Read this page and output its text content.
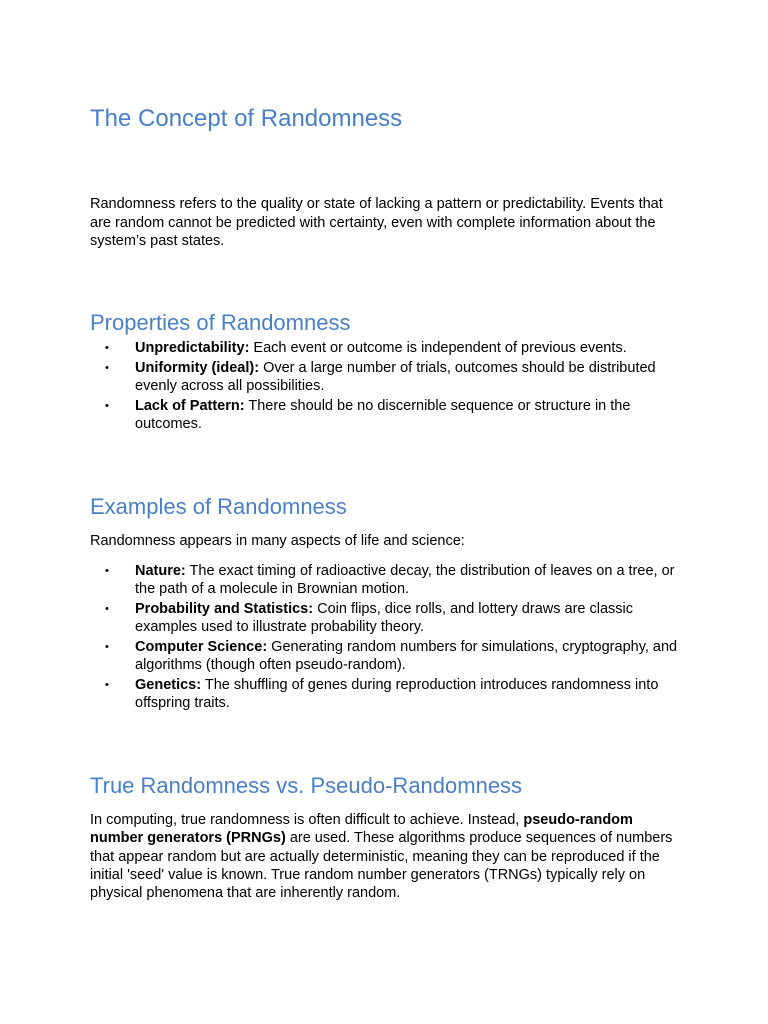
The Concept of Randomness

Randomness refers to the quality or state of lacking a pattern or predictability. Events that are random cannot be predicted with certainty, even with complete information about the system’s past states.

Properties of Randomness
• Unpredictability: Each event or outcome is independent of previous events.
• Uniformity (ideal): Over a large number of trials, outcomes should be distributed evenly across all possibilities.
• Lack of Pattern: There should be no discernible sequence or structure in the outcomes.
Examples of Randomness

Randomness appears in many aspects of life and science:

• Nature: The exact timing of radioactive decay, the distribution of leaves on a tree, or the path of a molecule in Brownian motion.
• Probability and Statistics: Coin flips, dice rolls, and lottery draws are classic examples used to illustrate probability theory.
• Computer Science: Generating random numbers for simulations, cryptography, and algorithms (though often pseudo-random).
• Genetics: The shuffling of genes during reproduction introduces randomness into offspring traits.
True Randomness vs. Pseudo-Randomness

In computing, true randomness is often difficult to achieve. Instead, pseudo-random number generators (PRNGs) are used. These algorithms produce sequences of numbers that appear random but are actually deterministic, meaning they can be reproduced if the initial 'seed' value is known. True random number generators (TRNGs) typically rely on physical phenomena that are inherently random.
